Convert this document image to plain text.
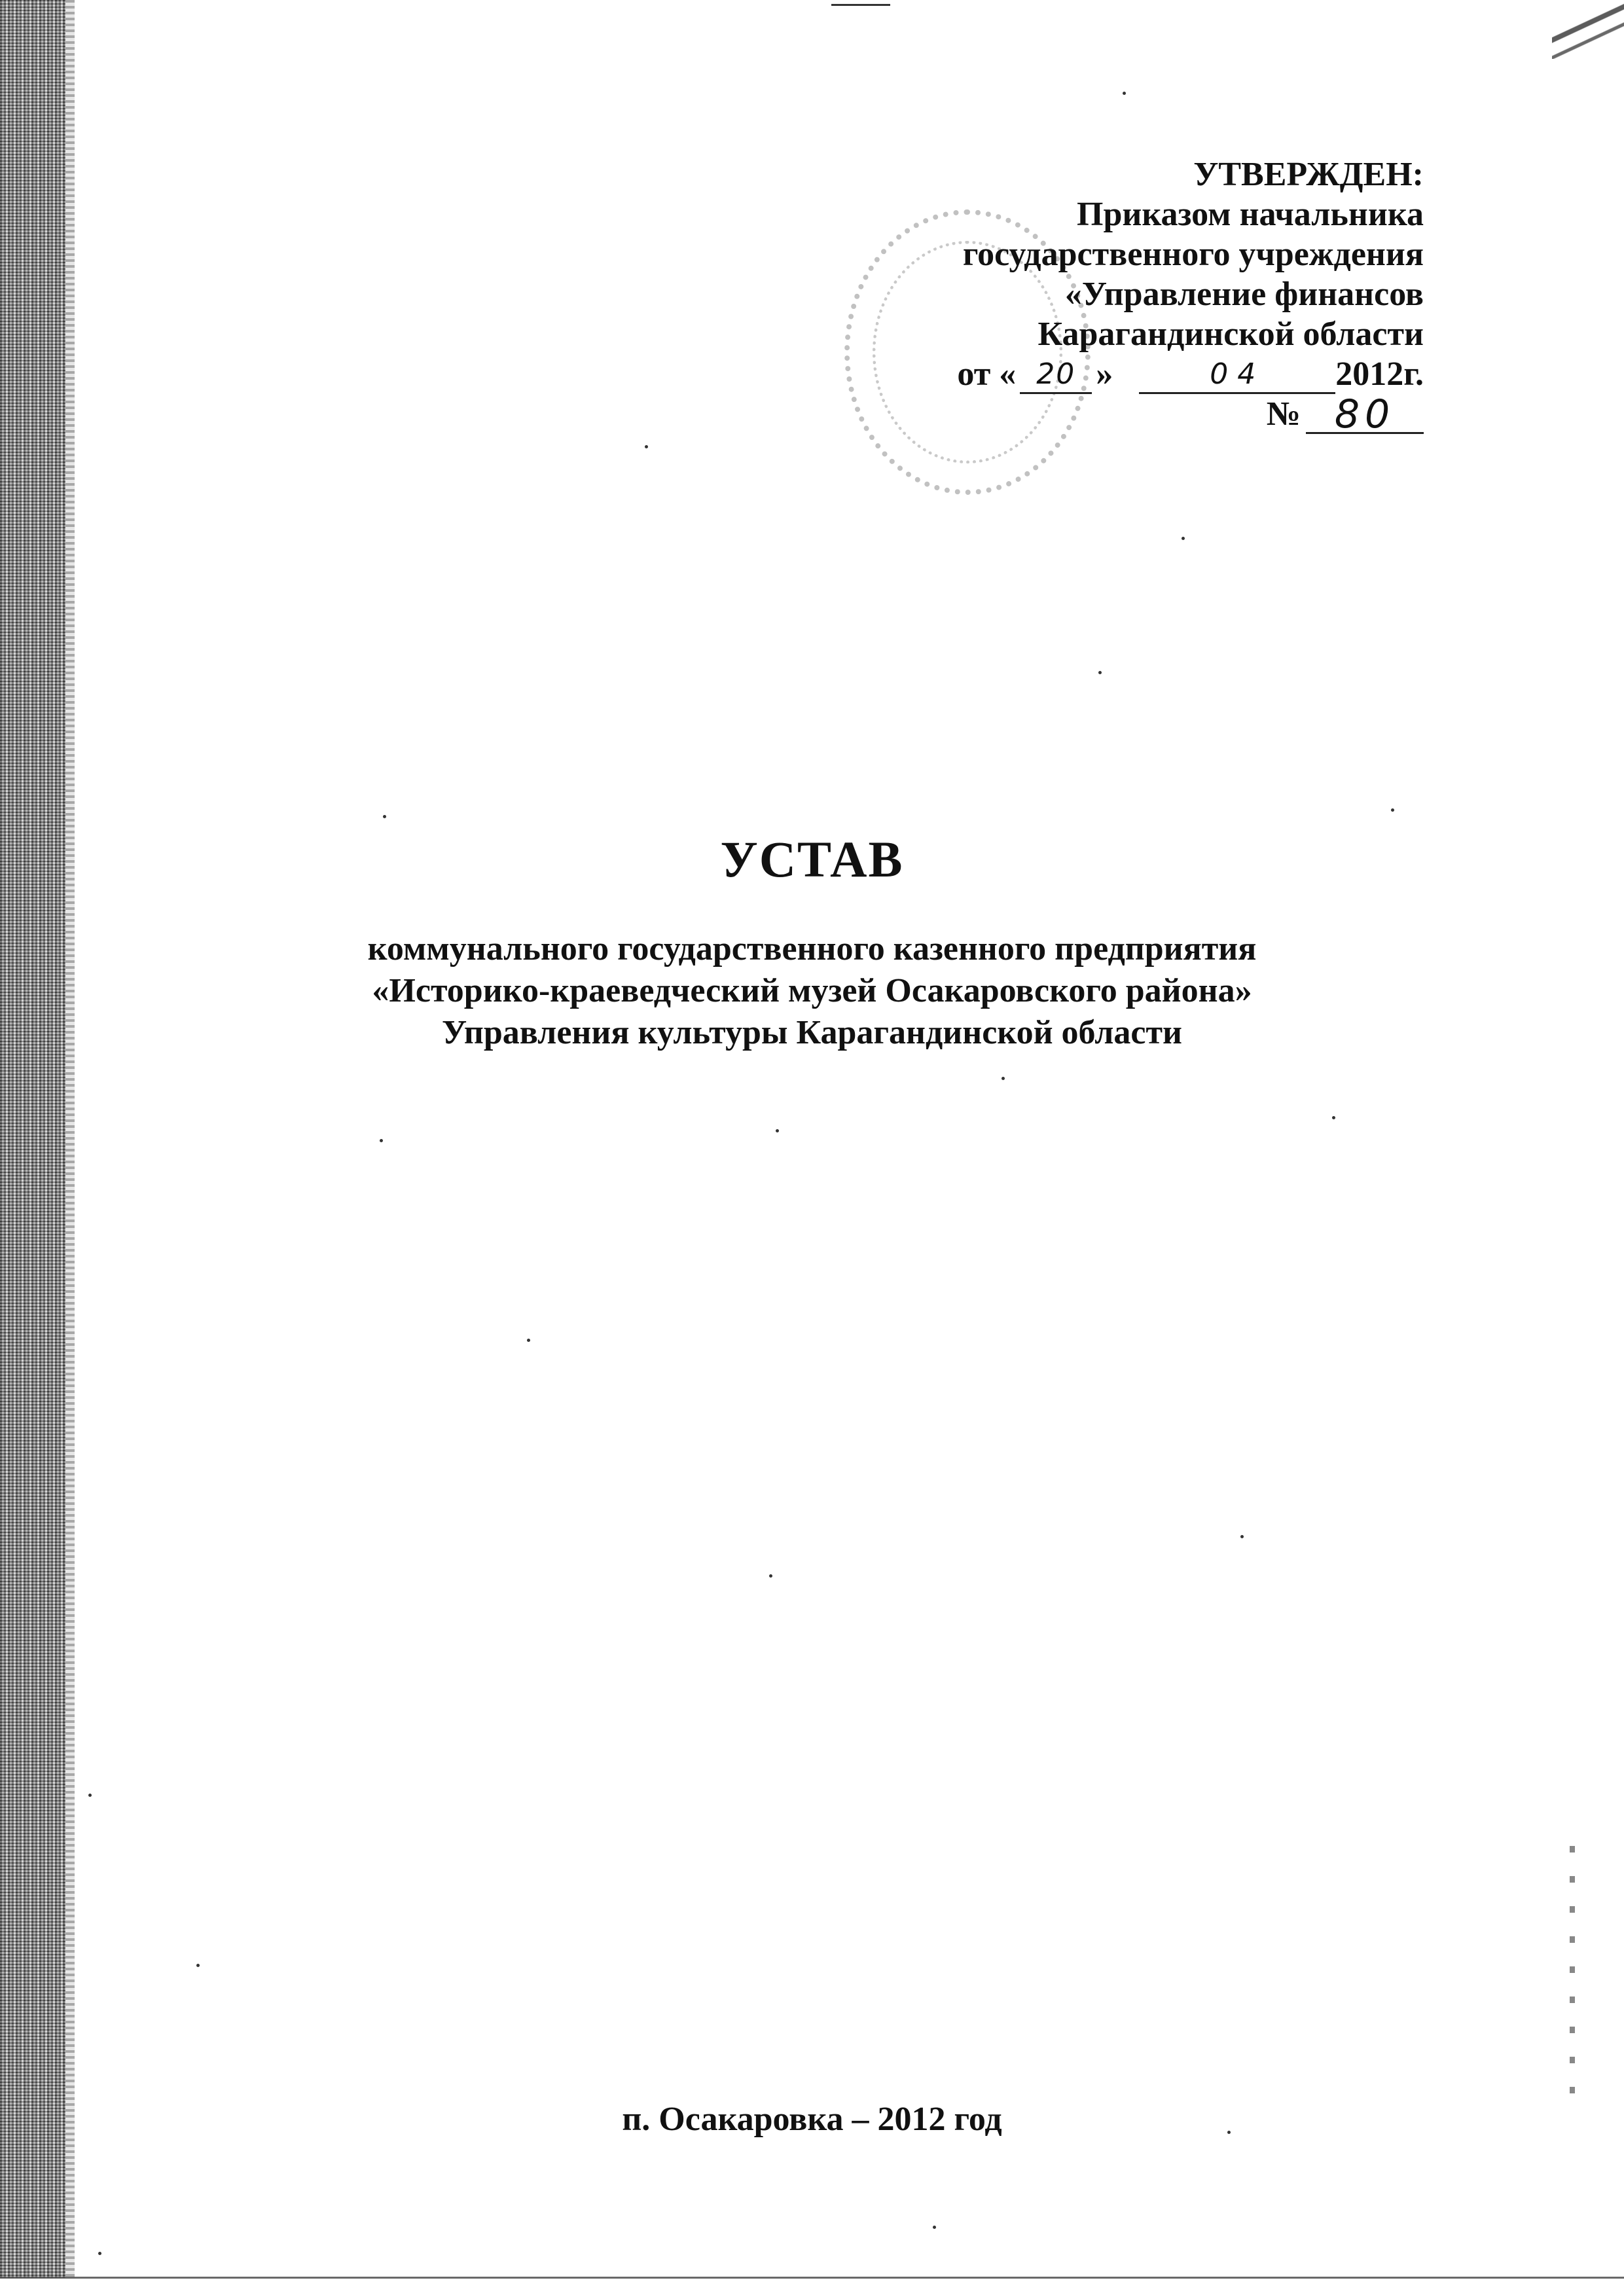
УТВЕРЖДЕН:
Приказом начальника
государственного учреждения
«Управление финансов
Карагандинской области
от « 20 »	04	2012г.
№ 80
УСТАВ
коммунального государственного казенного предприятия
«Историко-краеведческий музей Осакаровского района»
Управления культуры Карагандинской области
п. Осакаровка – 2012 год
